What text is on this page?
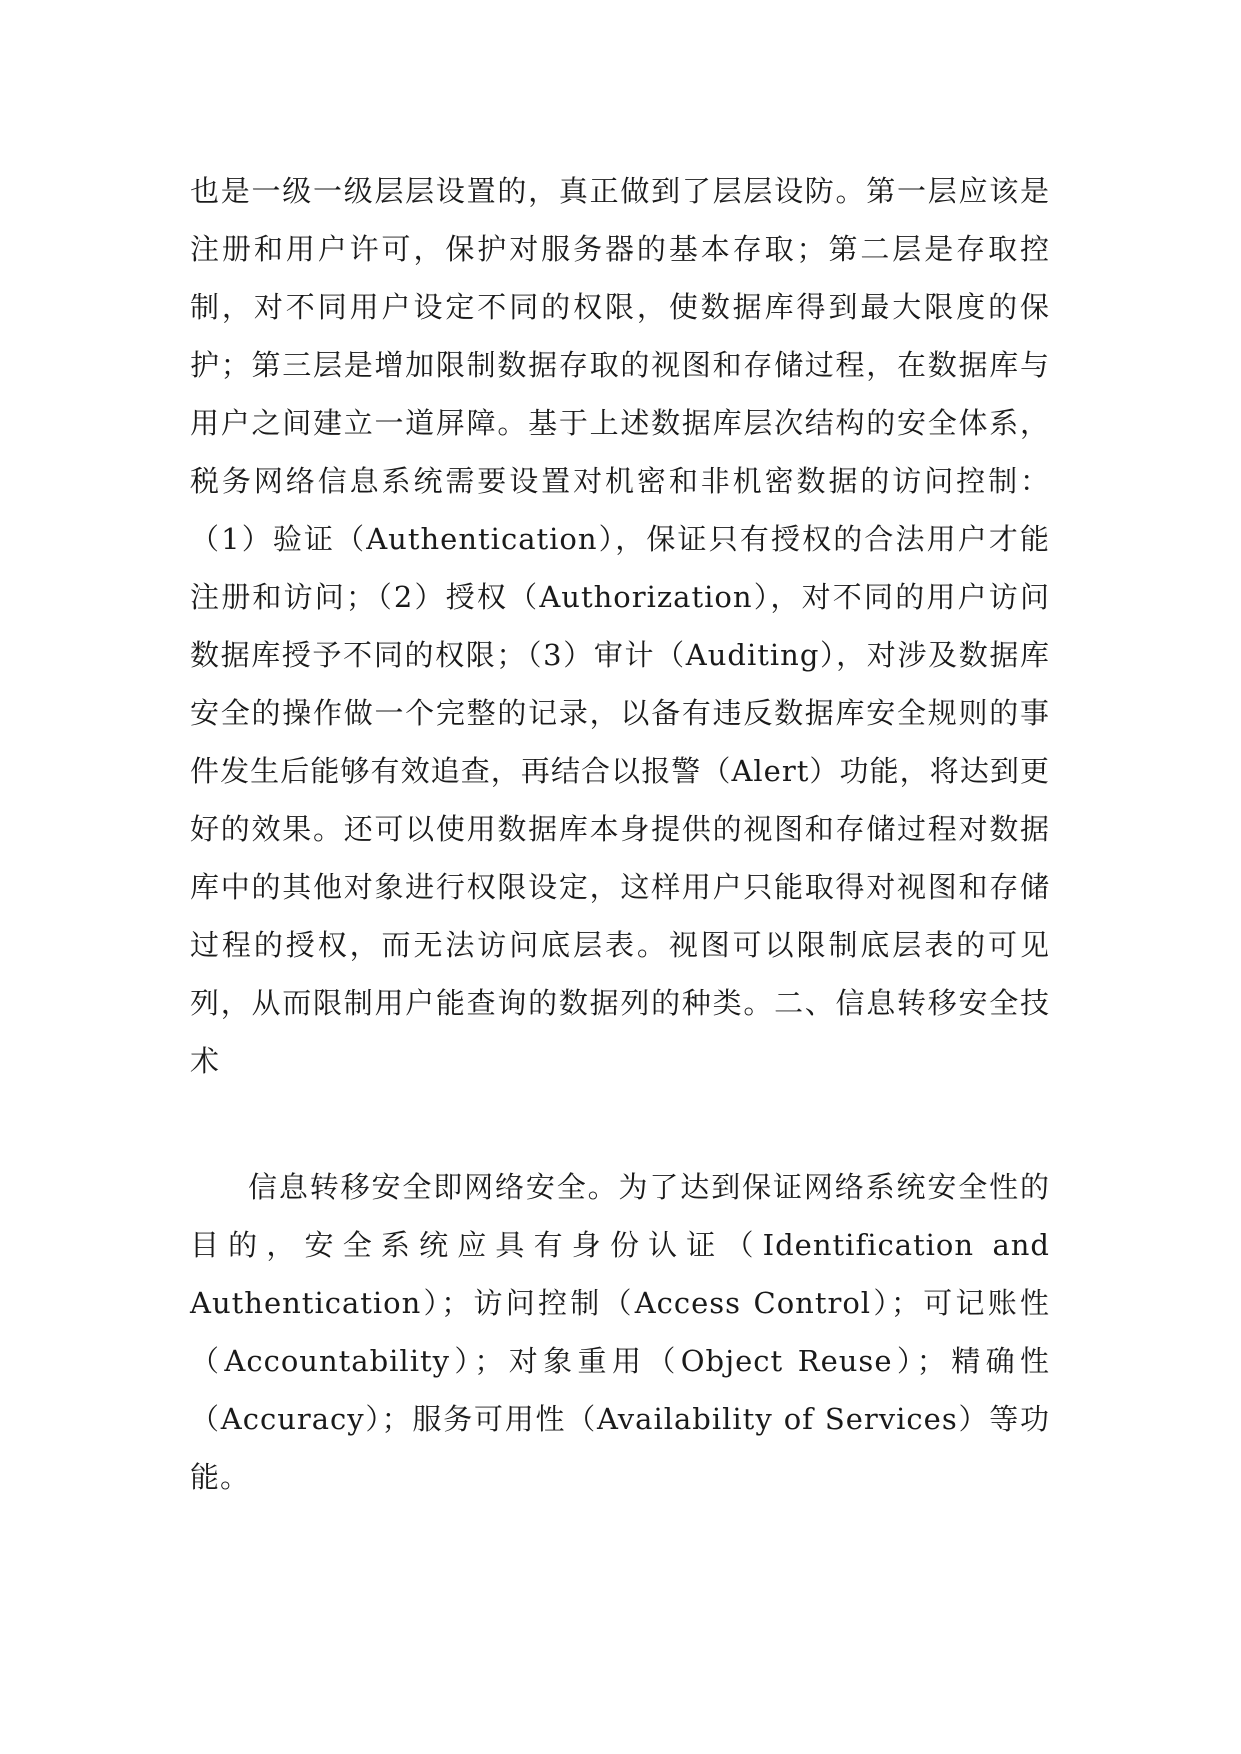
也是一级一级层层设置的，真正做到了层层设防。第一层应该是注册和用户许可，保护对服务器的基本存取；第二层是存取控制，对不同用户设定不同的权限，使数据库得到最大限度的保护；第三层是增加限制数据存取的视图和存储过程，在数据库与用户之间建立一道屏障。基于上述数据库层次结构的安全体系，税务网络信息系统需要设置对机密和非机密数据的访问控制：（1）验证（Authentication），保证只有授权的合法用户才能注册和访问；（2）授权（Authorization），对不同的用户访问数据库授予不同的权限；（3）审计（Auditing），对涉及数据库安全的操作做一个完整的记录，以备有违反数据库安全规则的事件发生后能够有效追查，再结合以报警（Alert）功能，将达到更好的效果。还可以使用数据库本身提供的视图和存储过程对数据库中的其他对象进行权限设定，这样用户只能取得对视图和存储过程的授权，而无法访问底层表。视图可以限制底层表的可见列，从而限制用户能查询的数据列的种类。二、信息转移安全技术

信息转移安全即网络安全。为了达到保证网络系统安全性的目的，安全系统应具有身份认证（Identification and Authentication）；访问控制（Access Control）；可记账性（Accountability）；对象重用（Object Reuse）；精确性（Accuracy）；服务可用性（Availability of Services）等功能。
